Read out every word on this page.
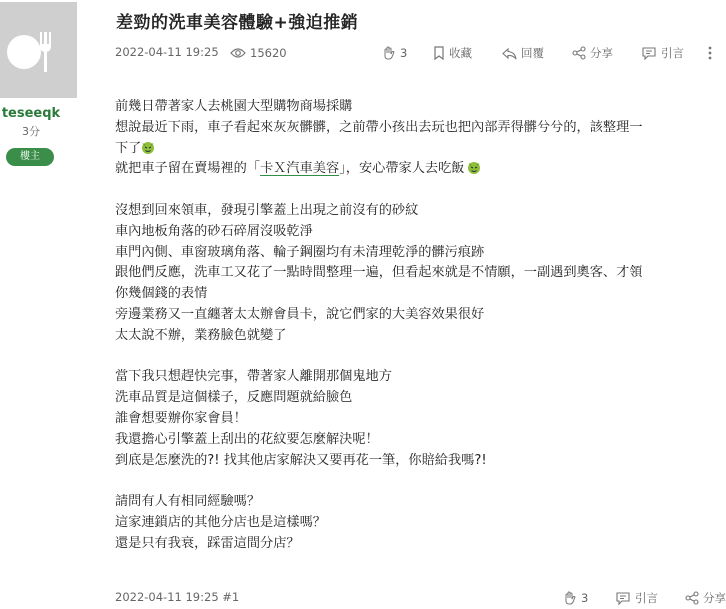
teseeqk
3分
樓主
差勁的洗車美容體驗+強迫推銷
2022-04-11 19:25	15620	3	收藏	回覆	分享	引言
前幾日帶著家人去桃園大型購物商場採購
想說最近下雨，車子看起來灰灰髒髒，之前帶小孩出去玩也把內部弄得髒兮兮的，該整理一
下了
就把車子留在賣場裡的「卡Ｘ汽車美容」，安心帶家人去吃飯
沒想到回來領車，發現引擎蓋上出現之前沒有的砂紋
車內地板角落的砂石碎屑沒吸乾淨
車門內側、車窗玻璃角落、輪子鋼圈均有未清理乾淨的髒污痕跡
跟他們反應，洗車工又花了一點時間整理一遍，但看起來就是不情願，一副遇到奧客、才領
你幾個錢的表情
旁邊業務又一直纏著太太辦會員卡，說它們家的大美容效果很好
太太說不辦，業務臉色就變了
當下我只想趕快完事，帶著家人離開那個鬼地方
洗車品質是這個樣子，反應問題就給臉色
誰會想要辦你家會員！
我還擔心引擎蓋上刮出的花紋要怎麼解決呢！
到底是怎麼洗的?! 找其他店家解決又要再花一筆，你賠給我嗎?!
請問有人有相同經驗嗎？
這家連鎖店的其他分店也是這樣嗎？
還是只有我衰，踩雷這間分店？
2022-04-11 19:25 #1	3	引言	分享
